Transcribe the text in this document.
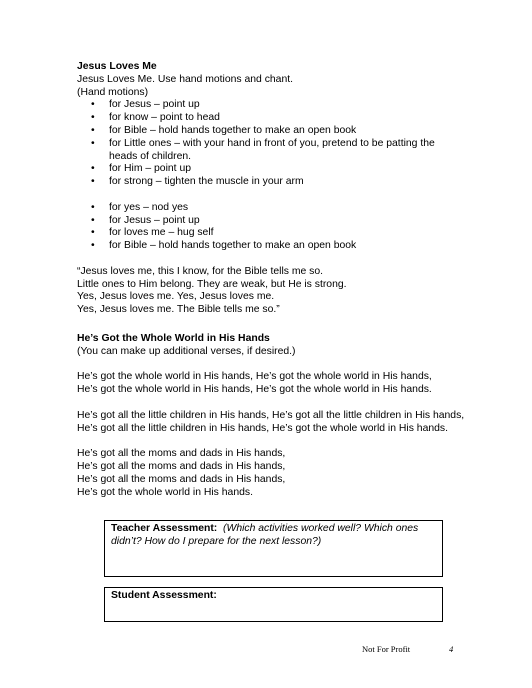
Jesus Loves Me
Jesus Loves Me. Use hand motions and chant.
(Hand motions)
• for Jesus – point up
• for know – point to head
• for Bible – hold hands together to make an open book
• for Little ones – with your hand in front of you, pretend to be patting the heads of children.
• for Him – point up
• for strong – tighten the muscle in your arm
• for yes – nod yes
• for Jesus – point up
• for loves me – hug self
• for Bible – hold hands together to make an open book
“Jesus loves me, this I know, for the Bible tells me so.
Little ones to Him belong. They are weak, but He is strong.
Yes, Jesus loves me. Yes, Jesus loves me.
Yes, Jesus loves me. The Bible tells me so.”
He’s Got the Whole World in His Hands
(You can make up additional verses, if desired.)
He’s got the whole world in His hands, He’s got the whole world in His hands,
He’s got the whole world in His hands, He’s got the whole world in His hands.
He’s got all the little children in His hands, He’s got all the little children in His hands,
He’s got all the little children in His hands, He’s got the whole world in His hands.
He’s got all the moms and dads in His hands,
He’s got all the moms and dads in His hands,
He’s got all the moms and dads in His hands,
He’s got the whole world in His hands.
Teacher Assessment: (Which activities worked well? Which ones didn’t? How do I prepare for the next lesson?)
Student Assessment:
Not For Profit	4
